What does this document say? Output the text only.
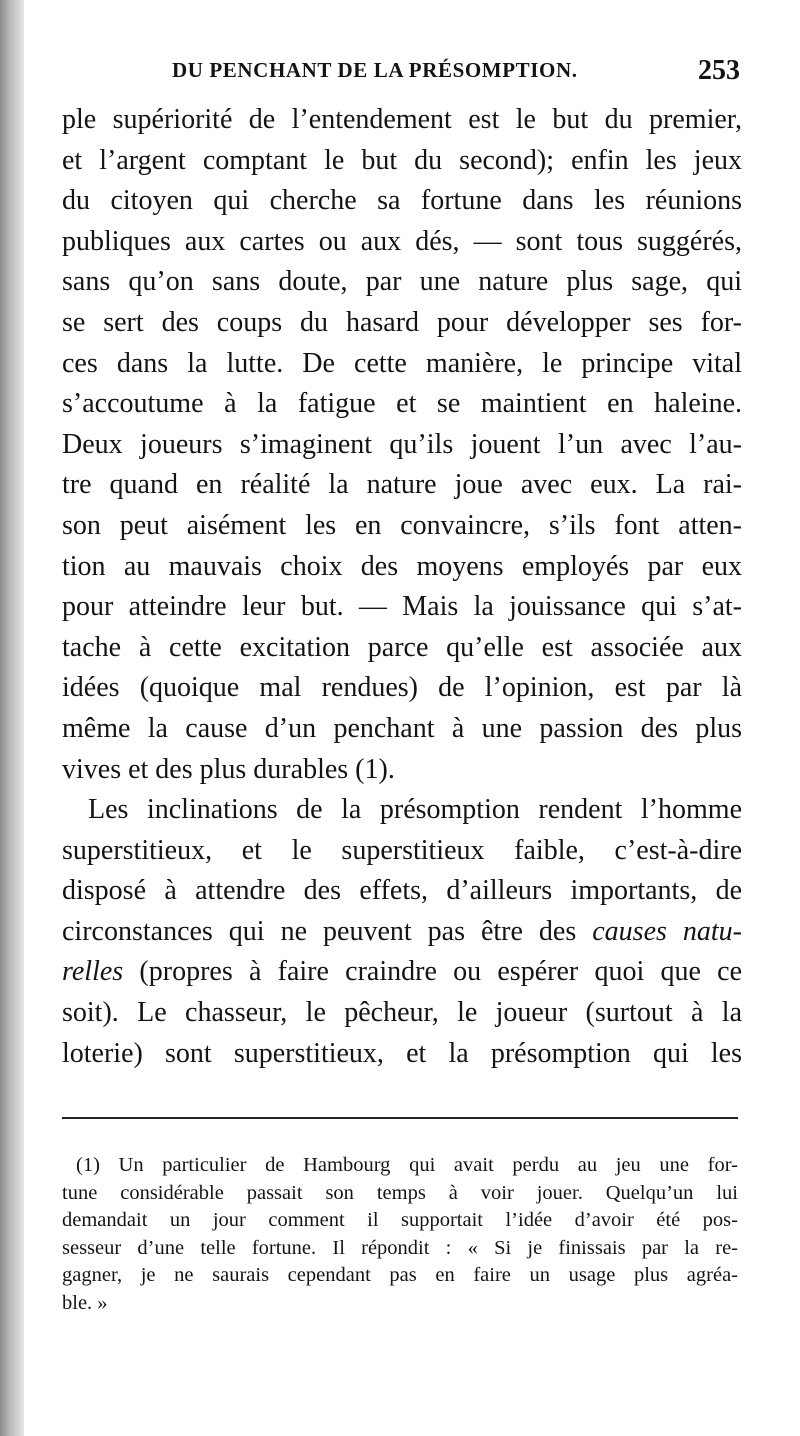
DU PENCHANT DE LA PRÉSOMPTION.	253
ple supériorité de l’entendement est le but du premier,
et l’argent comptant le but du second); enfin les jeux
du citoyen qui cherche sa fortune dans les réunions
publiques aux cartes ou aux dés, — sont tous suggérés,
sans qu’on sans doute, par une nature plus sage, qui
se sert des coups du hasard pour développer ses for-
ces dans la lutte. De cette manière, le principe vital
s’accoutume à la fatigue et se maintient en haleine.
Deux joueurs s’imaginent qu’ils jouent l’un avec l’au-
tre quand en réalité la nature joue avec eux. La rai-
son peut aisément les en convaincre, s’ils font atten-
tion au mauvais choix des moyens employés par eux
pour atteindre leur but. — Mais la jouissance qui s’at-
tache à cette excitation parce qu’elle est associée aux
idées (quoique mal rendues) de l’opinion, est par là
même la cause d’un penchant à une passion des plus
vives et des plus durables (1).
Les inclinations de la présomption rendent l’homme
superstitieux, et le superstitieux faible, c’est-à-dire
disposé à attendre des effets, d’ailleurs importants, de
circonstances qui ne peuvent pas être des causes natu-
relles (propres à faire craindre ou espérer quoi que ce
soit). Le chasseur, le pêcheur, le joueur (surtout à la
loterie) sont superstitieux, et la présomption qui les
(1) Un particulier de Hambourg qui avait perdu au jeu une for-
tune considérable passait son temps à voir jouer. Quelqu’un lui
demandait un jour comment il supportait l’idée d’avoir été pos-
sesseur d’une telle fortune. Il répondit : « Si je finissais par la re-
gagner, je ne saurais cependant pas en faire un usage plus agréa-
ble. »
